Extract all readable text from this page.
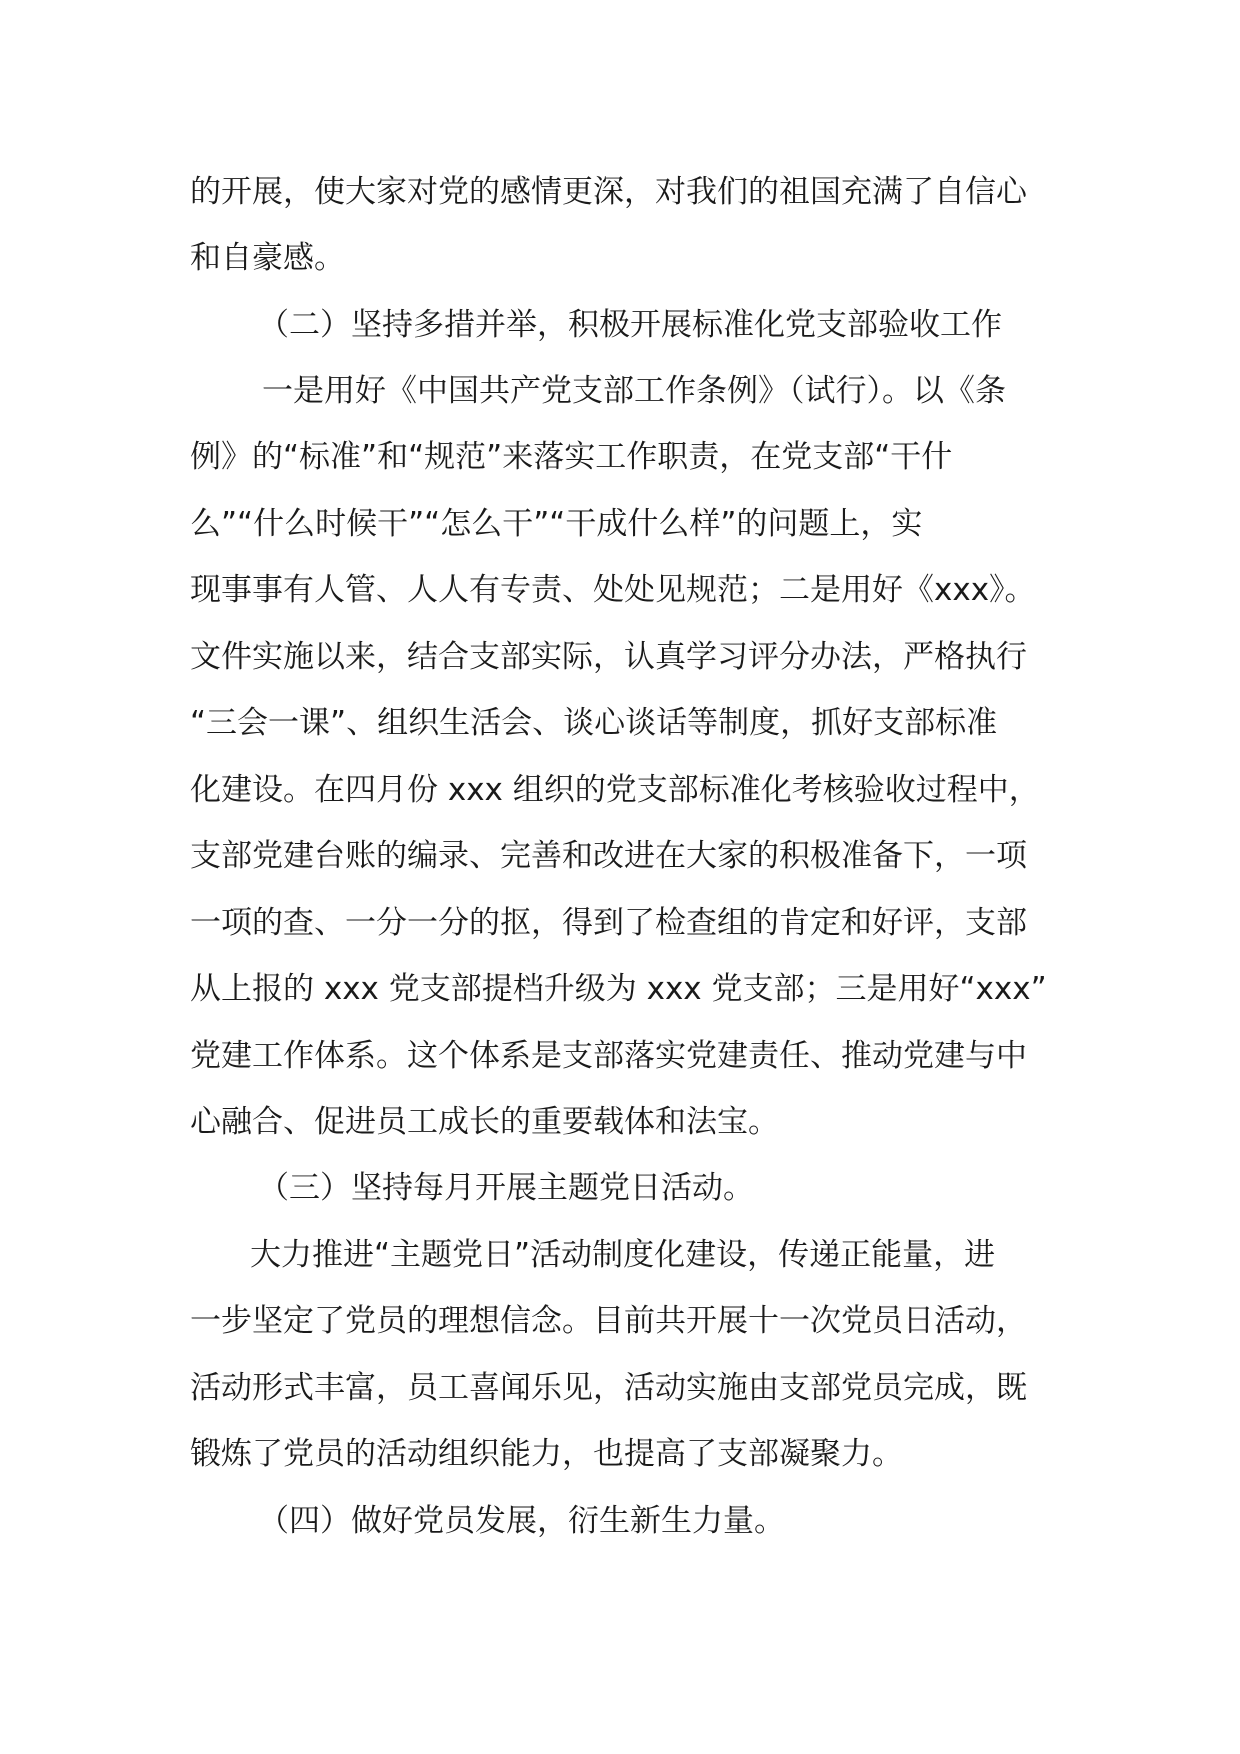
的开展，使大家对党的感情更深，对我们的祖国充满了自信心
和自豪感。
（二）坚持多措并举，积极开展标准化党支部验收工作
一是用好《中国共产党支部工作条例》（试行）。以《条
例》的“标准”和“规范”来落实工作职责，在党支部“干什
么”“什么时候干”“怎么干”“干成什么样”的问题上，实
现事事有人管、人人有专责、处处见规范；二是用好《xxx》。
文件实施以来，结合支部实际，认真学习评分办法，严格执行
“三会一课”、组织生活会、谈心谈话等制度，抓好支部标准
化建设。在四月份 xxx 组织的党支部标准化考核验收过程中，
支部党建台账的编录、完善和改进在大家的积极准备下，一项
一项的查、一分一分的抠，得到了检查组的肯定和好评，支部
从上报的 xxx 党支部提档升级为 xxx 党支部；三是用好“xxx”
党建工作体系。这个体系是支部落实党建责任、推动党建与中
心融合、促进员工成长的重要载体和法宝。
（三）坚持每月开展主题党日活动。
大力推进“主题党日”活动制度化建设，传递正能量，进
一步坚定了党员的理想信念。目前共开展十一次党员日活动，
活动形式丰富，员工喜闻乐见，活动实施由支部党员完成，既
锻炼了党员的活动组织能力，也提高了支部凝聚力。
（四）做好党员发展，衍生新生力量。
